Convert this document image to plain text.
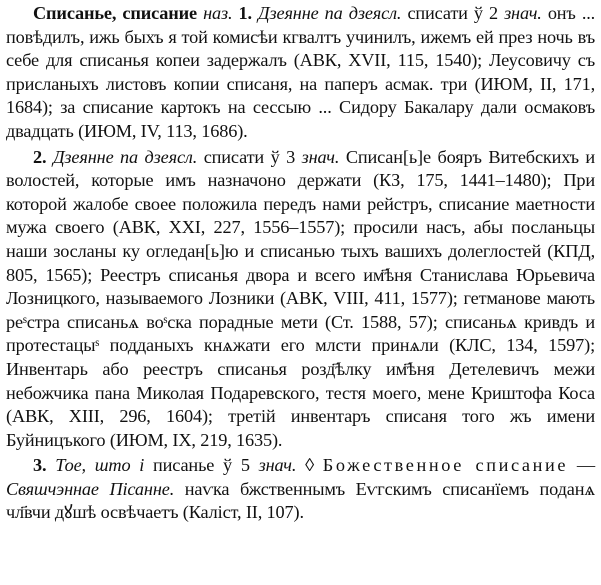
Списанье, списание наз. 1. Дзеянне па дзеясл. списати ў 2 знач. онъ ... повѣдилъ, ижь быхъ я той комисѣи кгвалтъ учинилъ, ижемъ ей през ночь въ себе для списанья копеи задержалъ (АВК, XVII, 115, 1540); Леусовичу съ присланыхъ листовъ копии списаня, на паперъ асмак. три (ИЮМ, II, 171, 1684); за списание картокъ на сессыю ... Сидору Бакалару дали осмаковъ двадцать (ИЮМ, IV, 113, 1686).

2. Дзеянне па дзеясл. списати ў 3 знач. Списан[ь]е бояръ Витебскихъ и волостей, которые имъ назначоно держати (КЗ, 175, 1441–1480); При которой жалобе своее положила передъ нами рейстръ, списание маетности мужа своего (АВК, XXI, 227, 1556–1557); просили насъ, абы посланьцы наши зосланы ку огледан[ь]ю и списанью тыхъ вашихъ долеглостей (КПД, 805, 1565); Реестръ списанья двора и всего им҃ѣня Станислава Юрьевича Лозницкого, называемого Лозники (АВК, VIII, 411, 1577); гетманове мають реˢстра списаньѧ воˢска порадные мети (Ст. 1588, 57); списаньѧ кривдъ и протестацыˢ подданыхъ кнѧжати его млсти принѧли (КЛС, 134, 1597); Инвентарь або реестръ списанья розд҃ѣлку им҃ѣня Детелевичъ межи небожчика пана Миколая Подаревского, тестя моего, мене Криштофа Коса (АВК, XIII, 296, 1604); третій инвентаръ списаня того жъ имени Буйницъкого (ИЮМ, IX, 219, 1635).

3. Тое, што і писанье ў 5 знач. ◊ Божественное списание — Свяшчэннае Пісанне. наѵка бжственнымъ Еѵгскимъ списанїемъ поданѧ чл҃вчи дꙋшѣ освѣчаетъ (Каліст, II, 107).
